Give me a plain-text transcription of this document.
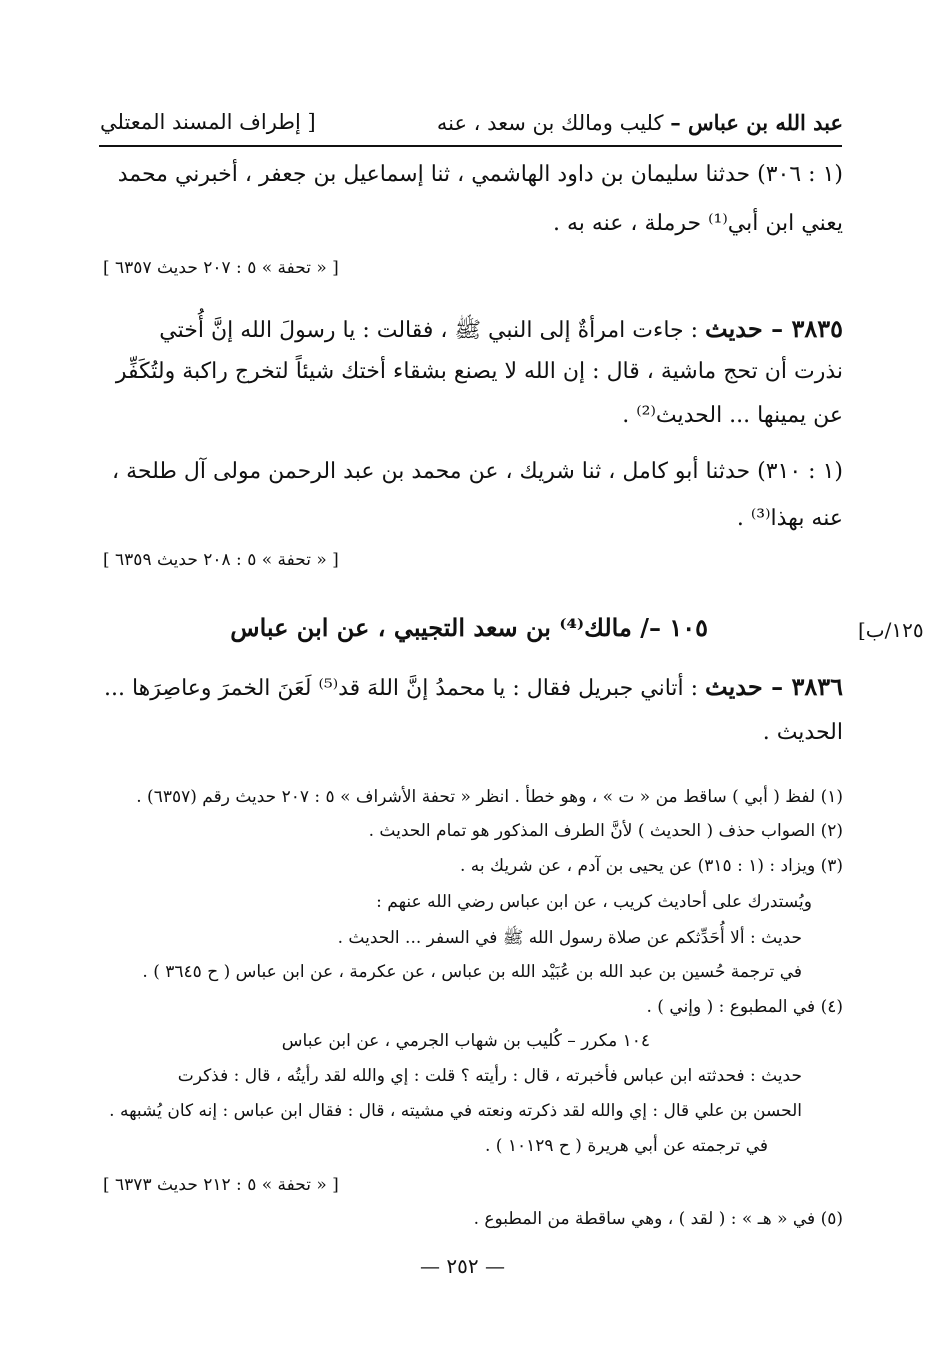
[ إطراف المسند المعتلي	عبد الله بن عباس – كليب ومالك بن سعد ، عنه
(١ : ٣٠٦) حدثنا سليمان بن داود الهاشمي ، ثنا إسماعيل بن جعفر ، أخبرني محمد
يعني ابن أبي⁽¹⁾ حرملة ، عنه به .
[ « تحفة » ٥ : ٢٠٧ حديث ٦٣٥٧ ]
٣٨٣٥ – حديث : جاءت امرأةٌ إلى النبي ﷺ ، فقالت : يا رسولَ الله إنَّ أُختي
نذرت أن تحج ماشية ، قال : إن الله لا يصنع بشقاء أختك شيئاً لتخرج راكبة ولتُكَفِّر
عن يمينها ... الحديث⁽²⁾ .
(١ : ٣١٠) حدثنا أبو كامل ، ثنا شريك ، عن محمد بن عبد الرحمن مولى آل طلحة ،
عنه بهذا⁽³⁾ .
[ « تحفة » ٥ : ٢٠٨ حديث ٦٣٥٩ ]
١٢٥/ب]
١٠٥ –/ مالك⁽⁴⁾ بن سعد التجيبي ، عن ابن عباس
٣٨٣٦ – حديث : أتاني جبريل فقال : يا محمدُ إنَّ اللهَ قد⁽⁵⁾ لَعَنَ الخمرَ وعاصِرَها ...
الحديث .
(١) لفظ ( أبي ) ساقط من « ت » ، وهو خطأ . انظر « تحفة الأشراف » ٥ : ٢٠٧ حديث رقم (٦٣٥٧) .
(٢) الصواب حذف ( الحديث ) لأنَّ الطرف المذكور هو تمام الحديث .
(٣) ويزاد : (١ : ٣١٥) عن يحيى بن آدم ، عن شريك به .
ويُستدرك على أحاديث كريب ، عن ابن عباس رضي الله عنهم :
حديث : ألا أُحَدِّثكم عن صلاة رسول الله ﷺ في السفر ... الحديث .
في ترجمة حُسين بن عبد الله بن عُبَيْد الله بن عباس ، عن عكرمة ، عن ابن عباس ( ح ٣٦٤٥ ) .
(٤) في المطبوع : ( وإني ) .
١٠٤ مكرر – كُليب بن شهاب الجرمي ، عن ابن عباس
حديث : فحدثته ابن عباس فأخبرته ، قال : رأيته ؟ قلت : إي والله لقد رأيتُه ، قال : فذكرت
الحسن بن علي قال : إي والله لقد ذكرته ونعته في مشيته ، قال : فقال ابن عباس : إنه كان يُشبهه .
في ترجمته عن أبي هريرة ( ح ١٠١٢٩ ) .
[ « تحفة » ٥ : ٢١٢ حديث ٦٣٧٣ ]
(٥) في « هـ » : ( لقد ) ، وهي ساقطة من المطبوع .
— ٢٥٢ —
